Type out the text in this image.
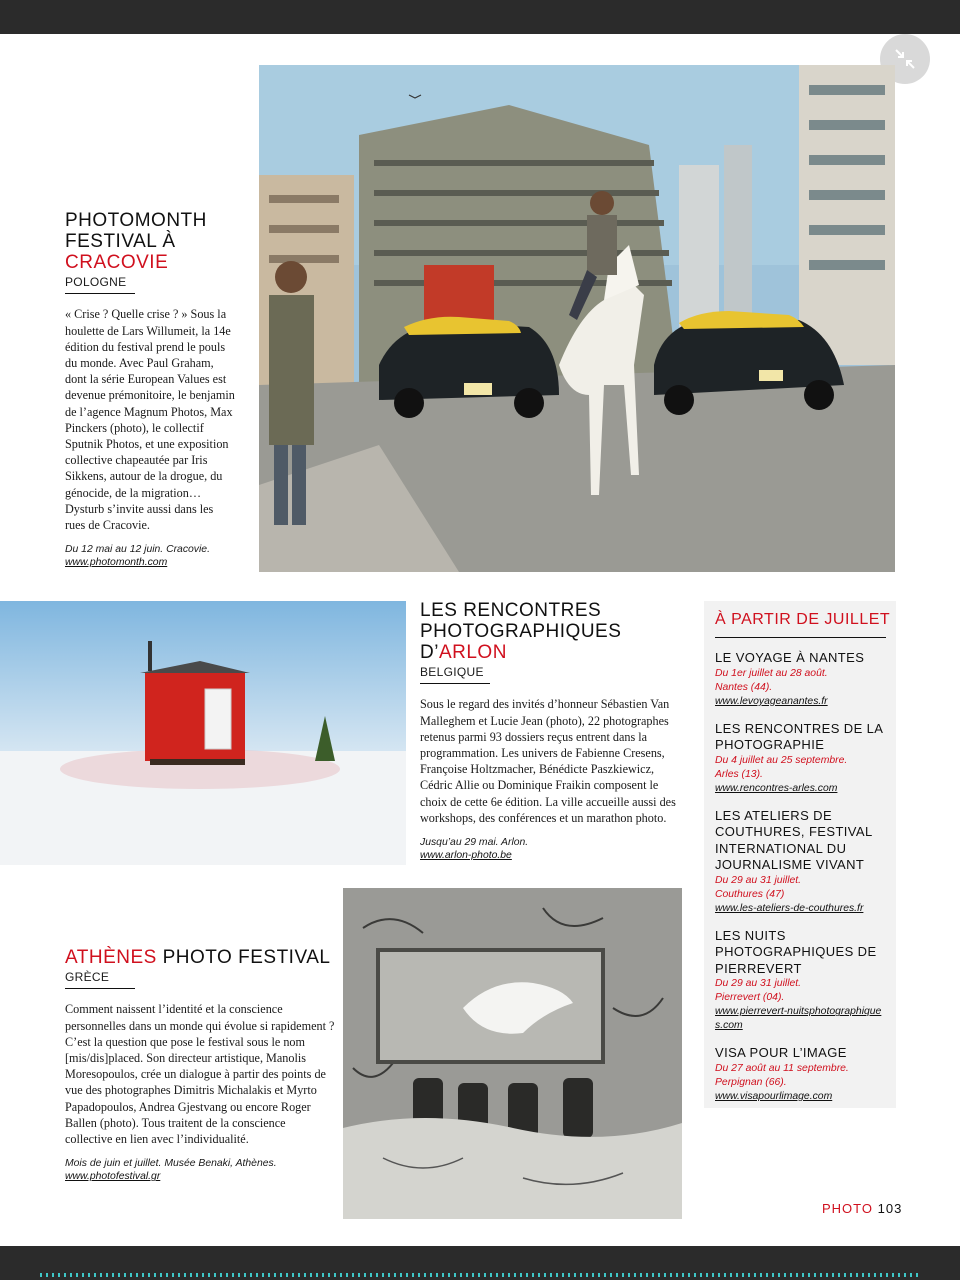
PHOTOMONTH
FESTIVAL À
CRACOVIE
POLOGNE
« Crise ? Quelle crise ? » Sous la houlette de Lars Willumeit, la 14e édition du festival prend le pouls du monde. Avec Paul Graham, dont la série European Values est devenue prémonitoire, le benjamin de l’agence Magnum Photos, Max Pinckers (photo), le collectif Sputnik Photos, et une exposition collective chapeautée par Iris Sikkens, autour de la drogue, du génocide, de la migration… Dysturb s’invite aussi dans les rues de Cracovie.
Du 12 mai au 12 juin. Cracovie.
www.photomonth.com
LES RENCONTRES
PHOTOGRAPHIQUES
D’ARLON
BELGIQUE
Sous le regard des invités d’honneur Sébastien Van Malleghem et Lucie Jean (photo), 22 photographes retenus parmi 93 dossiers reçus entrent dans la programmation. Les univers de Fabienne Cresens, Françoise Holtzmacher, Bénédicte Paszkiewicz, Cédric Allie ou Dominique Fraikin composent le choix de cette 6e édition. La ville accueille aussi des workshops, des conférences et un marathon photo.
Jusqu’au 29 mai. Arlon.
www.arlon-photo.be
ATHÈNES PHOTO FESTIVAL
GRÈCE
Comment naissent l’identité et la conscience personnelles dans un monde qui évolue si rapidement ? C’est la question que pose le festival sous le nom [mis/dis]placed. Son directeur artistique, Manolis Moresopoulos, crée un dialogue à partir des points de vue des photographes Dimitris Michalakis et Myrto Papadopoulos, Andrea Gjestvang ou encore Roger Ballen (photo). Tous traitent de la conscience collective en lien avec l’individualité.
Mois de juin et juillet. Musée Benaki, Athènes.
www.photofestival.gr
À PARTIR DE JUILLET
LE VOYAGE À NANTES
Du 1er juillet au 28 août.
Nantes (44).
www.levoyageanantes.fr
LES RENCONTRES DE LA PHOTOGRAPHIE
Du 4 juillet au 25 septembre.
Arles (13).
www.rencontres-arles.com
LES ATELIERS DE COUTHURES, FESTIVAL INTERNATIONAL DU JOURNALISME VIVANT
Du 29 au 31 juillet.
Couthures (47)
www.les-ateliers-de-couthures.fr
LES NUITS PHOTOGRAPHIQUES DE PIERREVERT
Du 29 au 31 juillet.
Pierrevert (04).
www.pierrevert-nuitsphotographiques.com
VISA POUR L’IMAGE
Du 27 août au 11 septembre.
Perpignan (66).
www.visapourlimage.com
PHOTO 103
